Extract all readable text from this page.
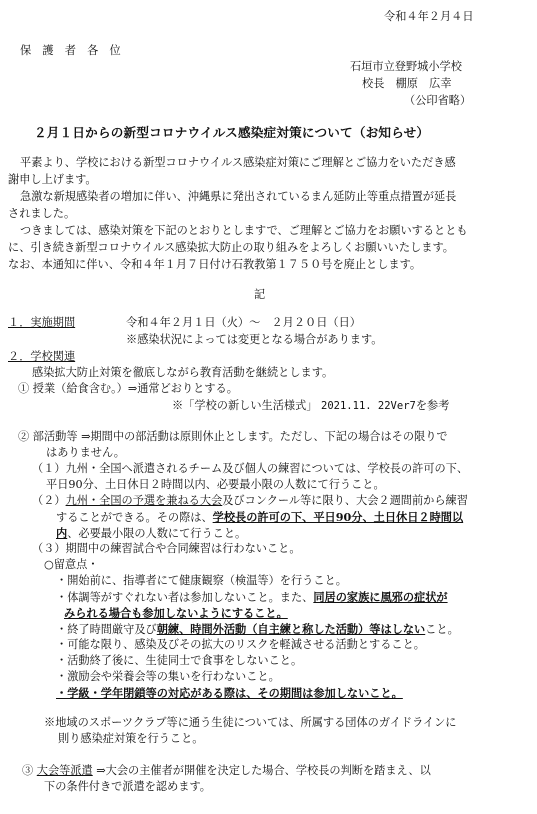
令和４年２月４日
保　護　者　各　位
石垣市立登野城小学校
校長　棚原　広幸
（公印省略）
２月１日からの新型コロナウイルス感染症対策について（お知らせ）
平素より、学校における新型コロナウイルス感染症対策にご理解とご協力をいただき感
謝申し上げます。
急激な新規感染者の増加に伴い、沖縄県に発出されているまん延防止等重点措置が延長
されました。
つきましては、感染対策を下記のとおりとしますで、ご理解とご協力をお願いするととも
に、引き続き新型コロナウイルス感染拡大防止の取り組みをよろしくお願いいたします。
なお、本通知に伴い、令和４年１月７日付け石教教第１７５０号を廃止とします。
記
１．実施期間	令和４年２月１日（火）～　２月２０日（日）
※感染状況によっては変更となる場合があります。
２．学校関連
感染拡大防止対策を徹底しながら教育活動を継続とします。
① 授業（給食含む。）⇒通常どおりとする。
※「学校の新しい生活様式」 2021.11. 22Ver7を参考
② 部活動等 ⇒期間中の部活動は原則休止とします。ただし、下記の場合はその限りで
はありません。
（１）九州・全国へ派遣されるチーム及び個人の練習については、学校長の許可の下、
平日90分、土日休日２時間以内、必要最小限の人数にて行うこと。
（２）九州・全国の予選を兼ねる大会及びコンクール等に限り、大会２週間前から練習
することができる。その際は、学校長の許可の下、平日90分、土日休日２時間以
内、必要最小限の人数にて行うこと。
（３）期間中の練習試合や合同練習は行わないこと。
○留意点・
・開始前に、指導者にて健康観察（検温等）を行うこと。
・体調等がすぐれない者は参加しないこと。また、同居の家族に風邪の症状が
みられる場合も参加しないようにすること。
・終了時間厳守及び朝練、時間外活動（自主練と称した活動）等はしないこと。
・可能な限り、感染及びその拡大のリスクを軽減させる活動とすること。
・活動終了後に、生徒同士で食事をしないこと。
・激励会や栄養会等の集いを行わないこと。
・学級・学年閉鎖等の対応がある際は、その期間は参加しないこと。
※地域のスポーツクラブ等に通う生徒については、所属する団体のガイドラインに
則り感染症対策を行うこと。
③ 大会等派遣 ⇒大会の主催者が開催を決定した場合、学校長の判断を踏まえ、以
下の条件付きで派遣を認めます。
